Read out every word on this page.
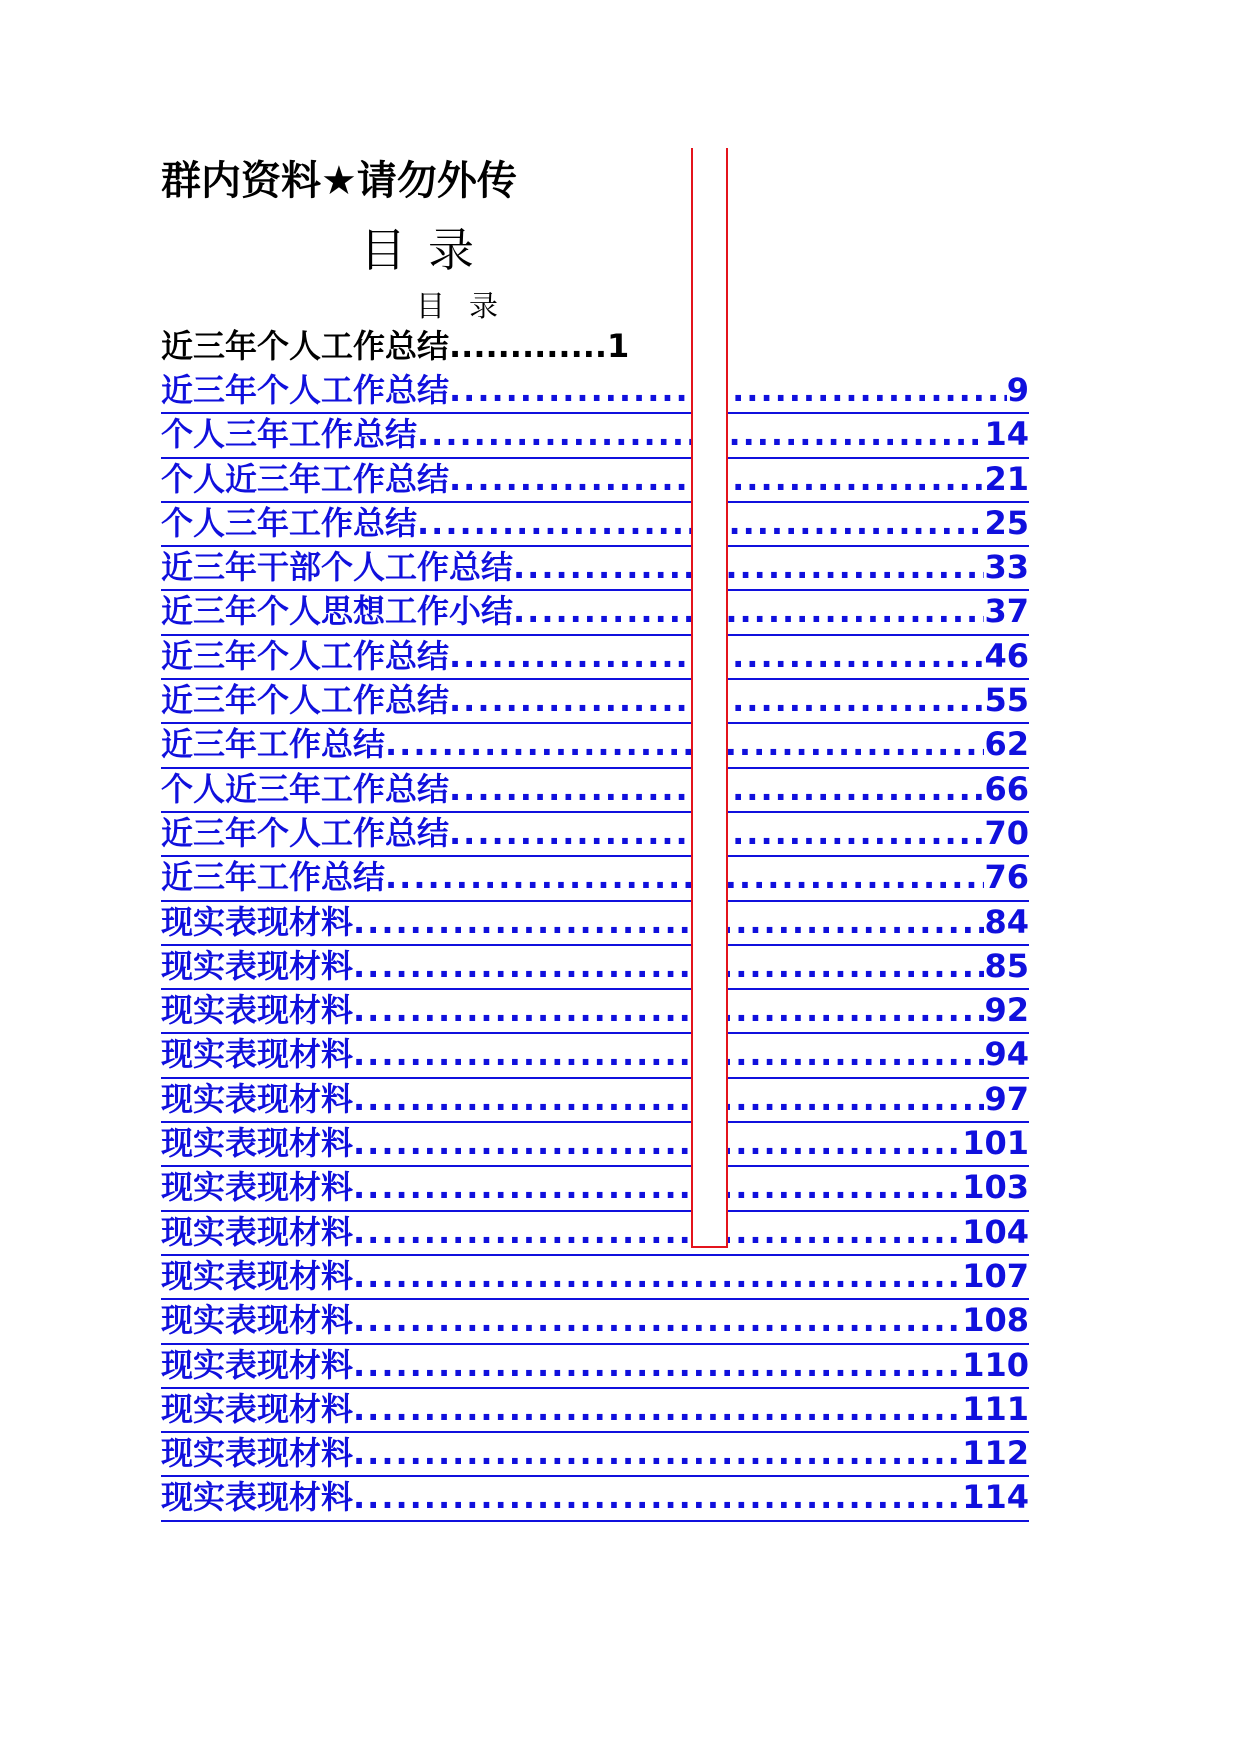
群内资料★请勿外传
目录
目录
近三年个人工作总结.............1
近三年个人工作总结 .....	9
个人三年工作总结 .....	14
个人近三年工作总结 .....	21
个人三年工作总结 .....	25
近三年干部个人工作总结 .....	33
近三年个人思想工作小结 .....	37
近三年个人工作总结 .....	46
近三年个人工作总结 .....	55
近三年工作总结 .....	62
个人近三年工作总结 .....	66
近三年个人工作总结 .....	70
近三年工作总结 .....	76
现实表现材料 .....	84
现实表现材料 .....	85
现实表现材料 .....	92
现实表现材料 .....	94
现实表现材料 .....	97
现实表现材料 .....	101
现实表现材料 .....	103
现实表现材料 .....	104
现实表现材料 .....	107
现实表现材料 .....	108
现实表现材料 .....	110
现实表现材料 .....	111
现实表现材料 .....	112
现实表现材料 .....	114
